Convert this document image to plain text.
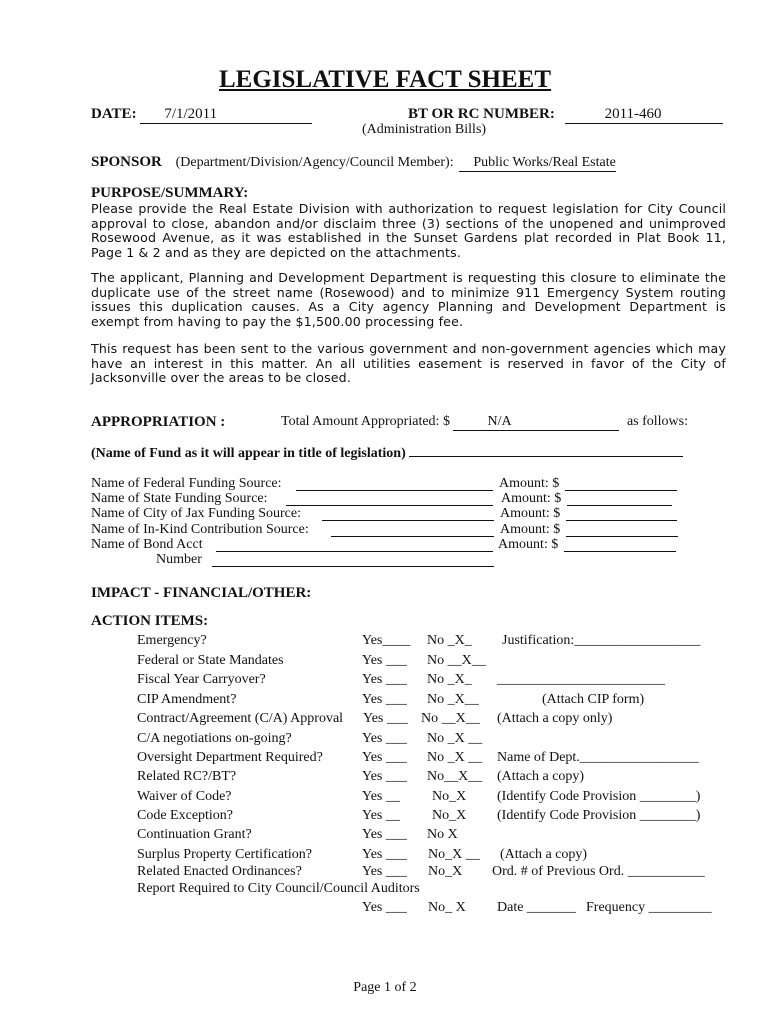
LEGISLATIVE FACT SHEET
DATE: 7/1/2011	BT OR RC NUMBER:	2011-460
(Administration Bills)
SPONSOR (Department/Division/Agency/Council Member): Public Works/Real Estate
PURPOSE/SUMMARY:
Please provide the Real Estate Division with authorization to request legislation for City Council approval to close, abandon and/or disclaim three (3) sections of the unopened and unimproved Rosewood Avenue, as it was established in the Sunset Gardens plat recorded in Plat Book 11, Page 1 & 2 and as they are depicted on the attachments.
The applicant, Planning and Development Department is requesting this closure to eliminate the duplicate use of the street name (Rosewood) and to minimize 911 Emergency System routing issues this duplication causes. As a City agency Planning and Development Department is exempt from having to pay the $1,500.00 processing fee.
This request has been sent to the various government and non-government agencies which may have an interest in this matter. An all utilities easement is reserved in favor of the City of Jacksonville over the areas to be closed.
APPROPRIATION :	Total Amount Appropriated: $	N/A	as follows:
(Name of Fund as it will appear in title of legislation)
Name of Federal Funding Source:	Amount: $
Name of State Funding Source:	Amount: $
Name of City of Jax Funding Source:	Amount: $
Name of In-Kind Contribution Source:	Amount: $
Name of Bond Acct	Amount: $
Number
IMPACT - FINANCIAL/OTHER:
ACTION ITEMS:
Emergency?	Yes____ No _X_ Justification:__________________
Federal or State Mandates	Yes ___ No __X__
Fiscal Year Carryover?	Yes ___ No _X_ ________________________
CIP Amendment?	Yes ___ No _X__	(Attach CIP form)
Contract/Agreement (C/A) Approval Yes ___ No __X__ (Attach a copy only)
C/A negotiations on-going?	Yes ___ No _X __
Oversight Department Required?	Yes ___ No _X __ Name of Dept._________________
Related RC?/BT?	Yes ___ No__X__ (Attach a copy)
Waiver of Code?	Yes __ No_X (Identify Code Provision ________)
Code Exception?	Yes __ No_X (Identify Code Provision ________)
Continuation Grant?	Yes ___ No X
Surplus Property Certification?	Yes ___ No_X __ (Attach a copy)
Related Enacted Ordinances?	Yes ___ No_X Ord. # of Previous Ord. ___________
Report Required to City Council/Council Auditors
Yes ___ No_ X Date _______ Frequency _________
Page 1 of 2
